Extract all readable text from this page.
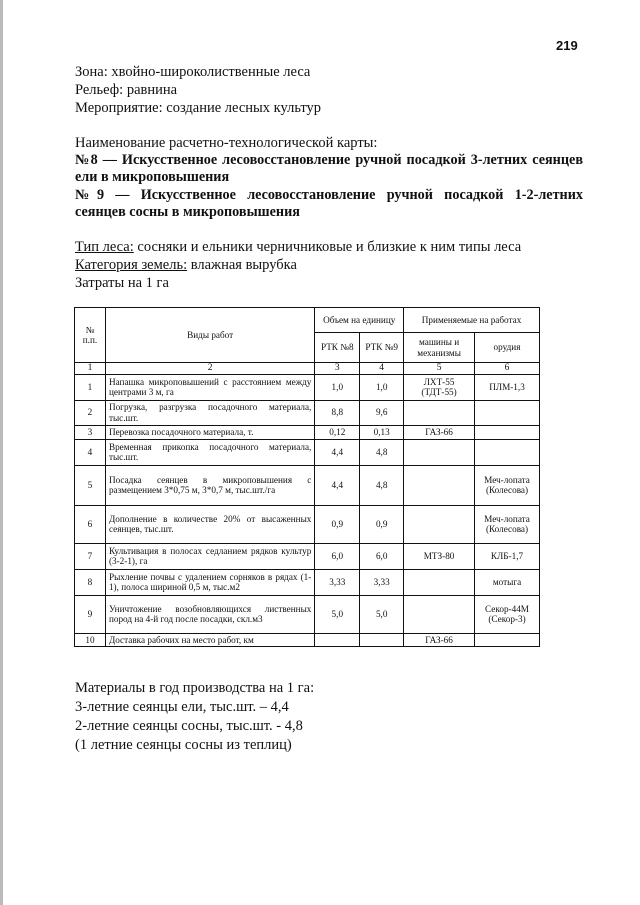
219
Зона: хвойно-широколиственные леса
Рельеф: равнина
Мероприятие: создание лесных культур
Наименование расчетно-технологической карты:
№8 — Искусственное лесовосстановление ручной посадкой 3-летних сеянцев ели в микроповышения
№9 — Искусственное лесовосстановление ручной посадкой 1-2-летних сеянцев сосны в микроповышения
Тип леса: сосняки и ельники черничниковые и близкие к ним типы леса
Категория земель: влажная вырубка
Затраты на 1 га
№ п.п.	Виды работ	Объем на единицу		Применяемые на работах	
		РТК №8	РТК №9	машины и механизмы	орудия
1	2	3	4	5	6
1	Напашка микроповышений с расстоянием между центрами 3 м, га	1,0	1,0	ЛХТ-55 (ТДТ-55)	ПЛМ-1,3
2	Погрузка, разгрузка посадочного материала, тыс.шт.	8,8	9,6		
3	Перевозка посадочного материала, т.	0,12	0,13	ГАЗ-66	
4	Временная прикопка посадочного материала, тыс.шт.	4,4	4,8		
5	Посадка сеянцев в микроповышения с размещением 3*0,75 м, 3*0,7 м, тыс.шт./га	4,4	4,8		Меч-лопата (Колесова)
6	Дополнение в количестве 20% от высаженных сеянцев, тыс.шт.	0,9	0,9		Меч-лопата (Колесова)
7	Культивация в полосах седланием рядков культур (3-2-1), га	6,0	6,0	МТЗ-80	КЛБ-1,7
8	Рыхление почвы с удалением сорняков в рядах (1-1), полоса шириной 0,5 м, тыс.м2	3,33	3,33		мотыга
9	Уничтожение возобновляющихся лиственных пород на 4-й год после посадки, скл.м3	5,0	5,0		Секор-44М (Секор-3)
10	Доставка рабочих на место работ, км			ГАЗ-66	
Материалы в год производства на 1 га:
3-летние сеянцы ели, тыс.шт. – 4,4
2-летние сеянцы сосны, тыс.шт. - 4,8
(1 летние сеянцы сосны из теплиц)
